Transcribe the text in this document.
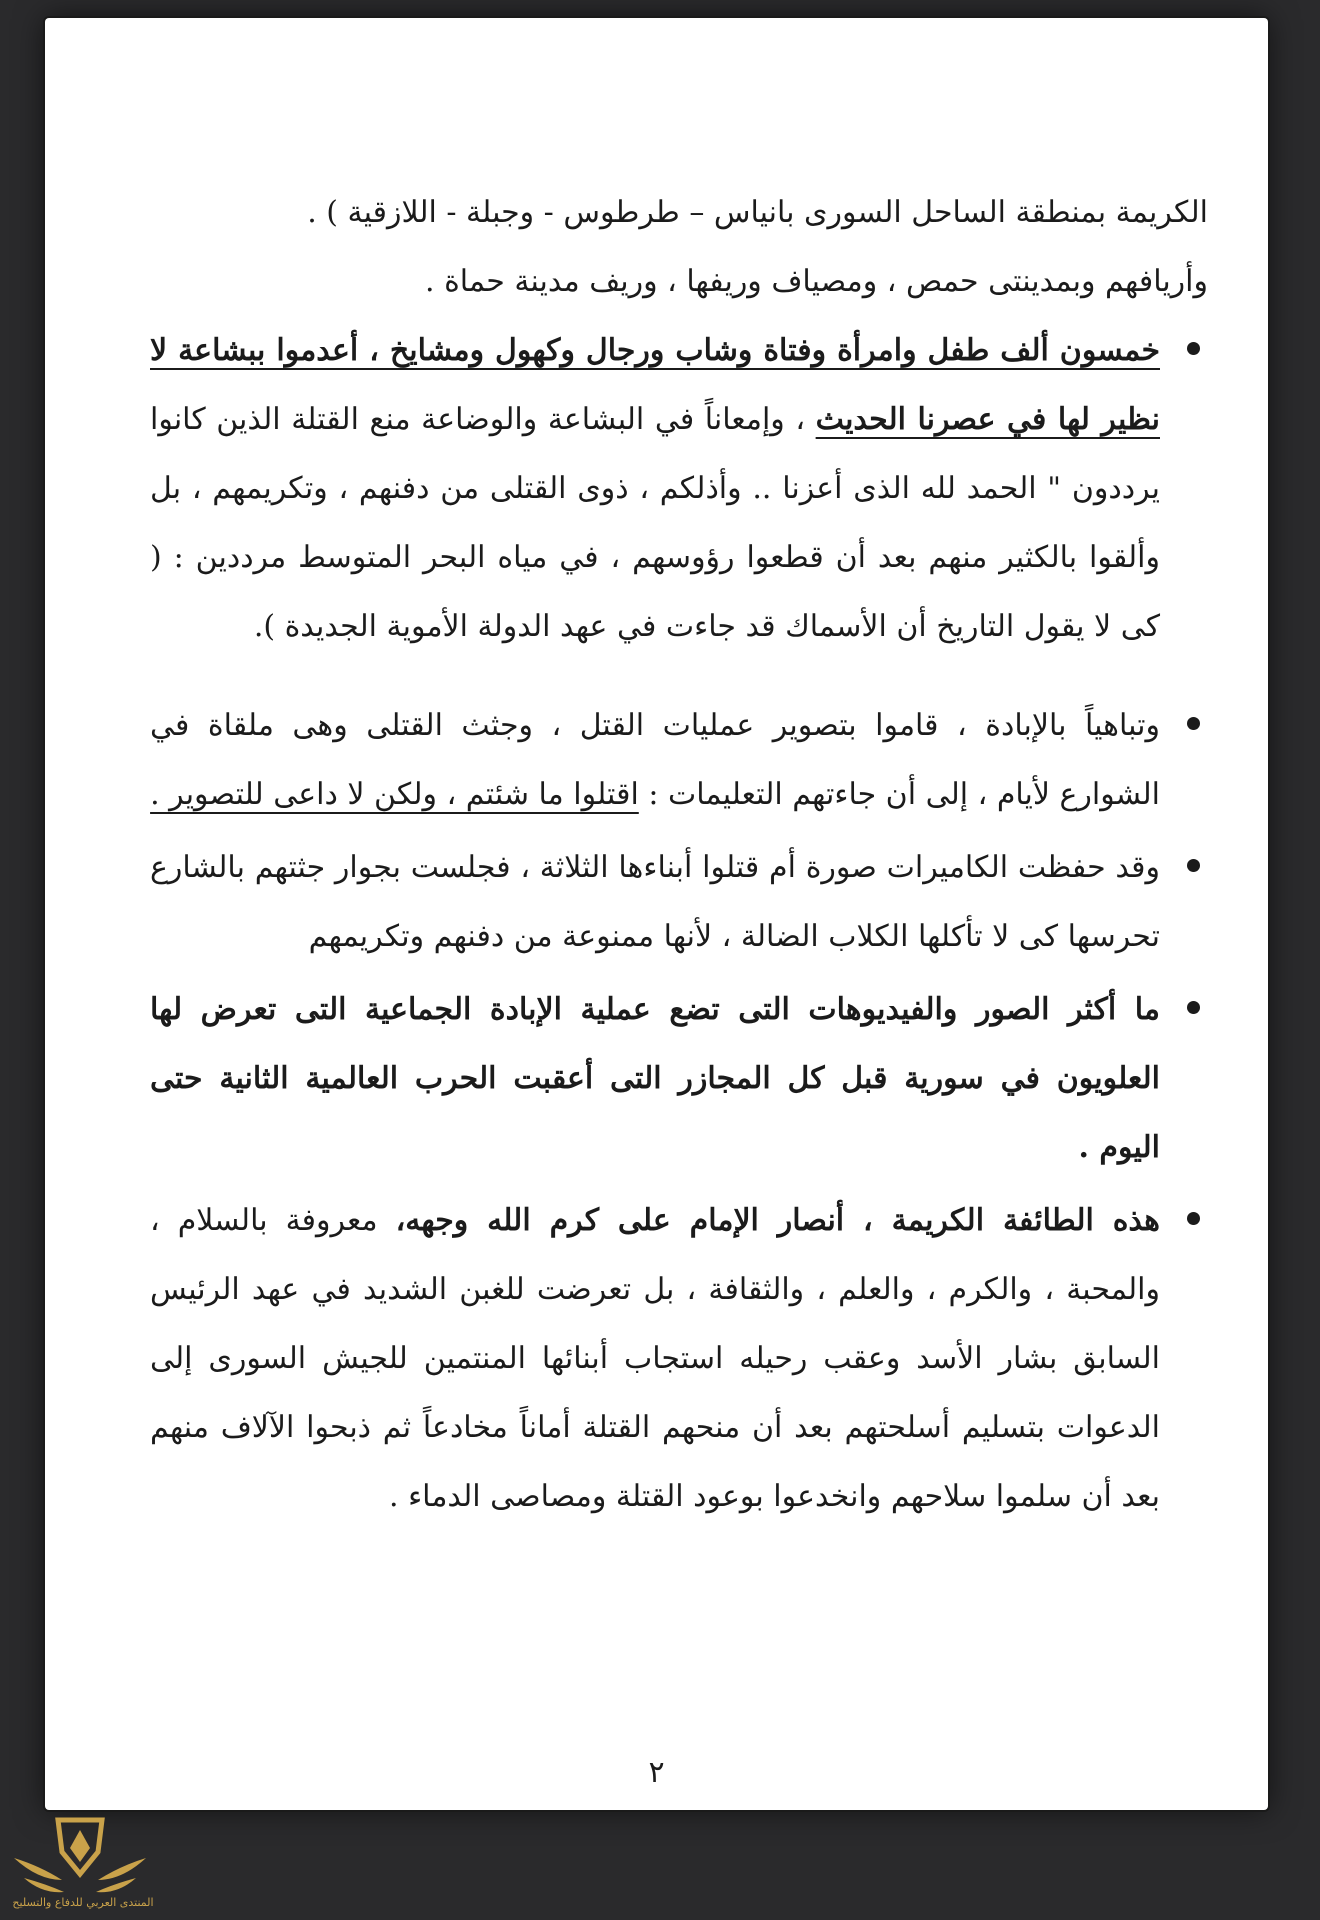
الكريمة بمنطقة الساحل السورى بانياس – طرطوس - وجبلة - اللازقية ) .

وأريافهم وبمدينتى حمص ، ومصياف وريفها ، وريف مدينة حماة .

خمسون ألف طفل وامرأة وفتاة وشاب ورجال وكهول ومشايخ ، أعدموا ببشاعة لا نظير لها في عصرنا الحديث ، وإمعاناً في البشاعة والوضاعة منع القتلة الذين كانوا يرددون " الحمد لله الذى أعزنا .. وأذلكم ، ذوى القتلى من دفنهم ، وتكريمهم ، بل وألقوا بالكثير منهم بعد أن قطعوا رؤوسهم ، في مياه البحر المتوسط مرددين : ( كى لا يقول التاريخ أن الأسماك قد جاءت في عهد الدولة الأموية الجديدة ).
وتباهياً بالإبادة ، قاموا بتصوير عمليات القتل ، وجثث القتلى وهى ملقاة في الشوارع لأيام ، إلى أن جاءتهم التعليمات : اقتلوا ما شئتم ، ولكن لا داعى للتصوير .
وقد حفظت الكاميرات صورة أم قتلوا أبناءها الثلاثة ، فجلست بجوار جثتهم بالشارع تحرسها كى لا تأكلها الكلاب الضالة ، لأنها ممنوعة من دفنهم وتكريمهم
ما أكثر الصور والفيديوهات التى تضع عملية الإبادة الجماعية التى تعرض لها العلويون في سورية قبل كل المجازر التى أعقبت الحرب العالمية الثانية حتى اليوم .
هذه الطائفة الكريمة ، أنصار الإمام على كرم الله وجهه، معروفة بالسلام ، والمحبة ، والكرم ، والعلم ، والثقافة ، بل تعرضت للغبن الشديد في عهد الرئيس السابق بشار الأسد وعقب رحيله استجاب أبنائها المنتمين للجيش السورى إلى الدعوات بتسليم أسلحتهم بعد أن منحهم القتلة أماناً مخادعاً ثم ذبحوا الآلاف منهم بعد أن سلموا سلاحهم وانخدعوا بوعود القتلة ومصاصى الدماء .
٢
المنتدى العربي للدفاع والتسليح
